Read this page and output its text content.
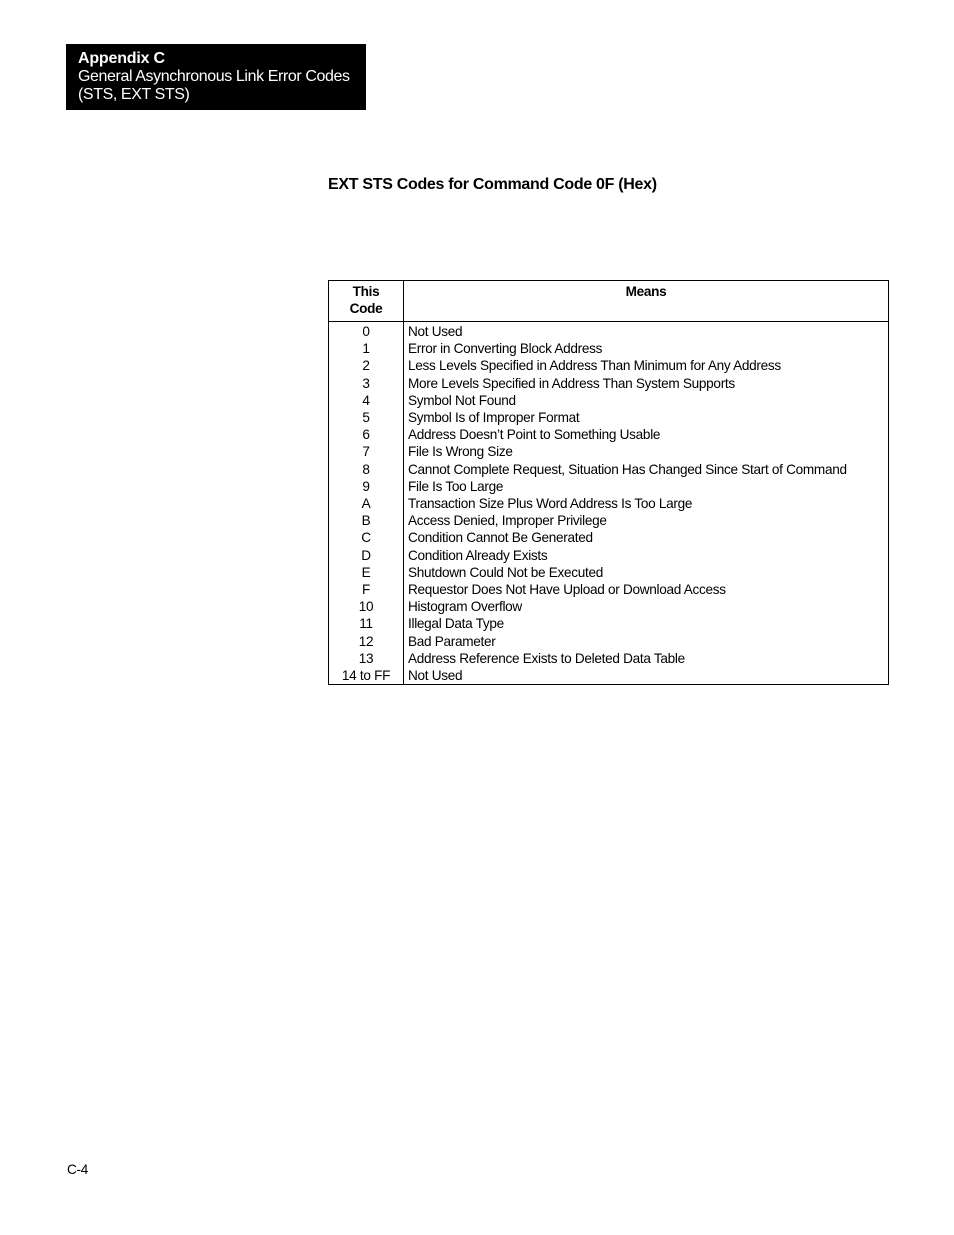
Appendix C
General Asynchronous Link Error Codes
(STS, EXT STS)
EXT STS Codes for Command Code 0F (Hex)
This
Code	Means
0	Not Used
1	Error in Converting Block Address
2	Less Levels Specified in Address Than Minimum for Any Address
3	More Levels Specified in Address Than System Supports
4	Symbol Not Found
5	Symbol Is of Improper Format
6	Address Doesn’t Point to Something Usable
7	File Is Wrong Size
8	Cannot Complete Request, Situation Has Changed Since Start of Command
9	File Is Too Large
A	Transaction Size Plus Word Address Is Too Large
B	Access Denied, Improper Privilege
C	Condition Cannot Be Generated
D	Condition Already Exists
E	Shutdown Could Not be Executed
F	Requestor Does Not Have Upload or Download Access
10	Histogram Overflow
11	Illegal Data Type
12	Bad Parameter
13	Address Reference Exists to Deleted Data Table
14 to FF	Not Used
C-4
